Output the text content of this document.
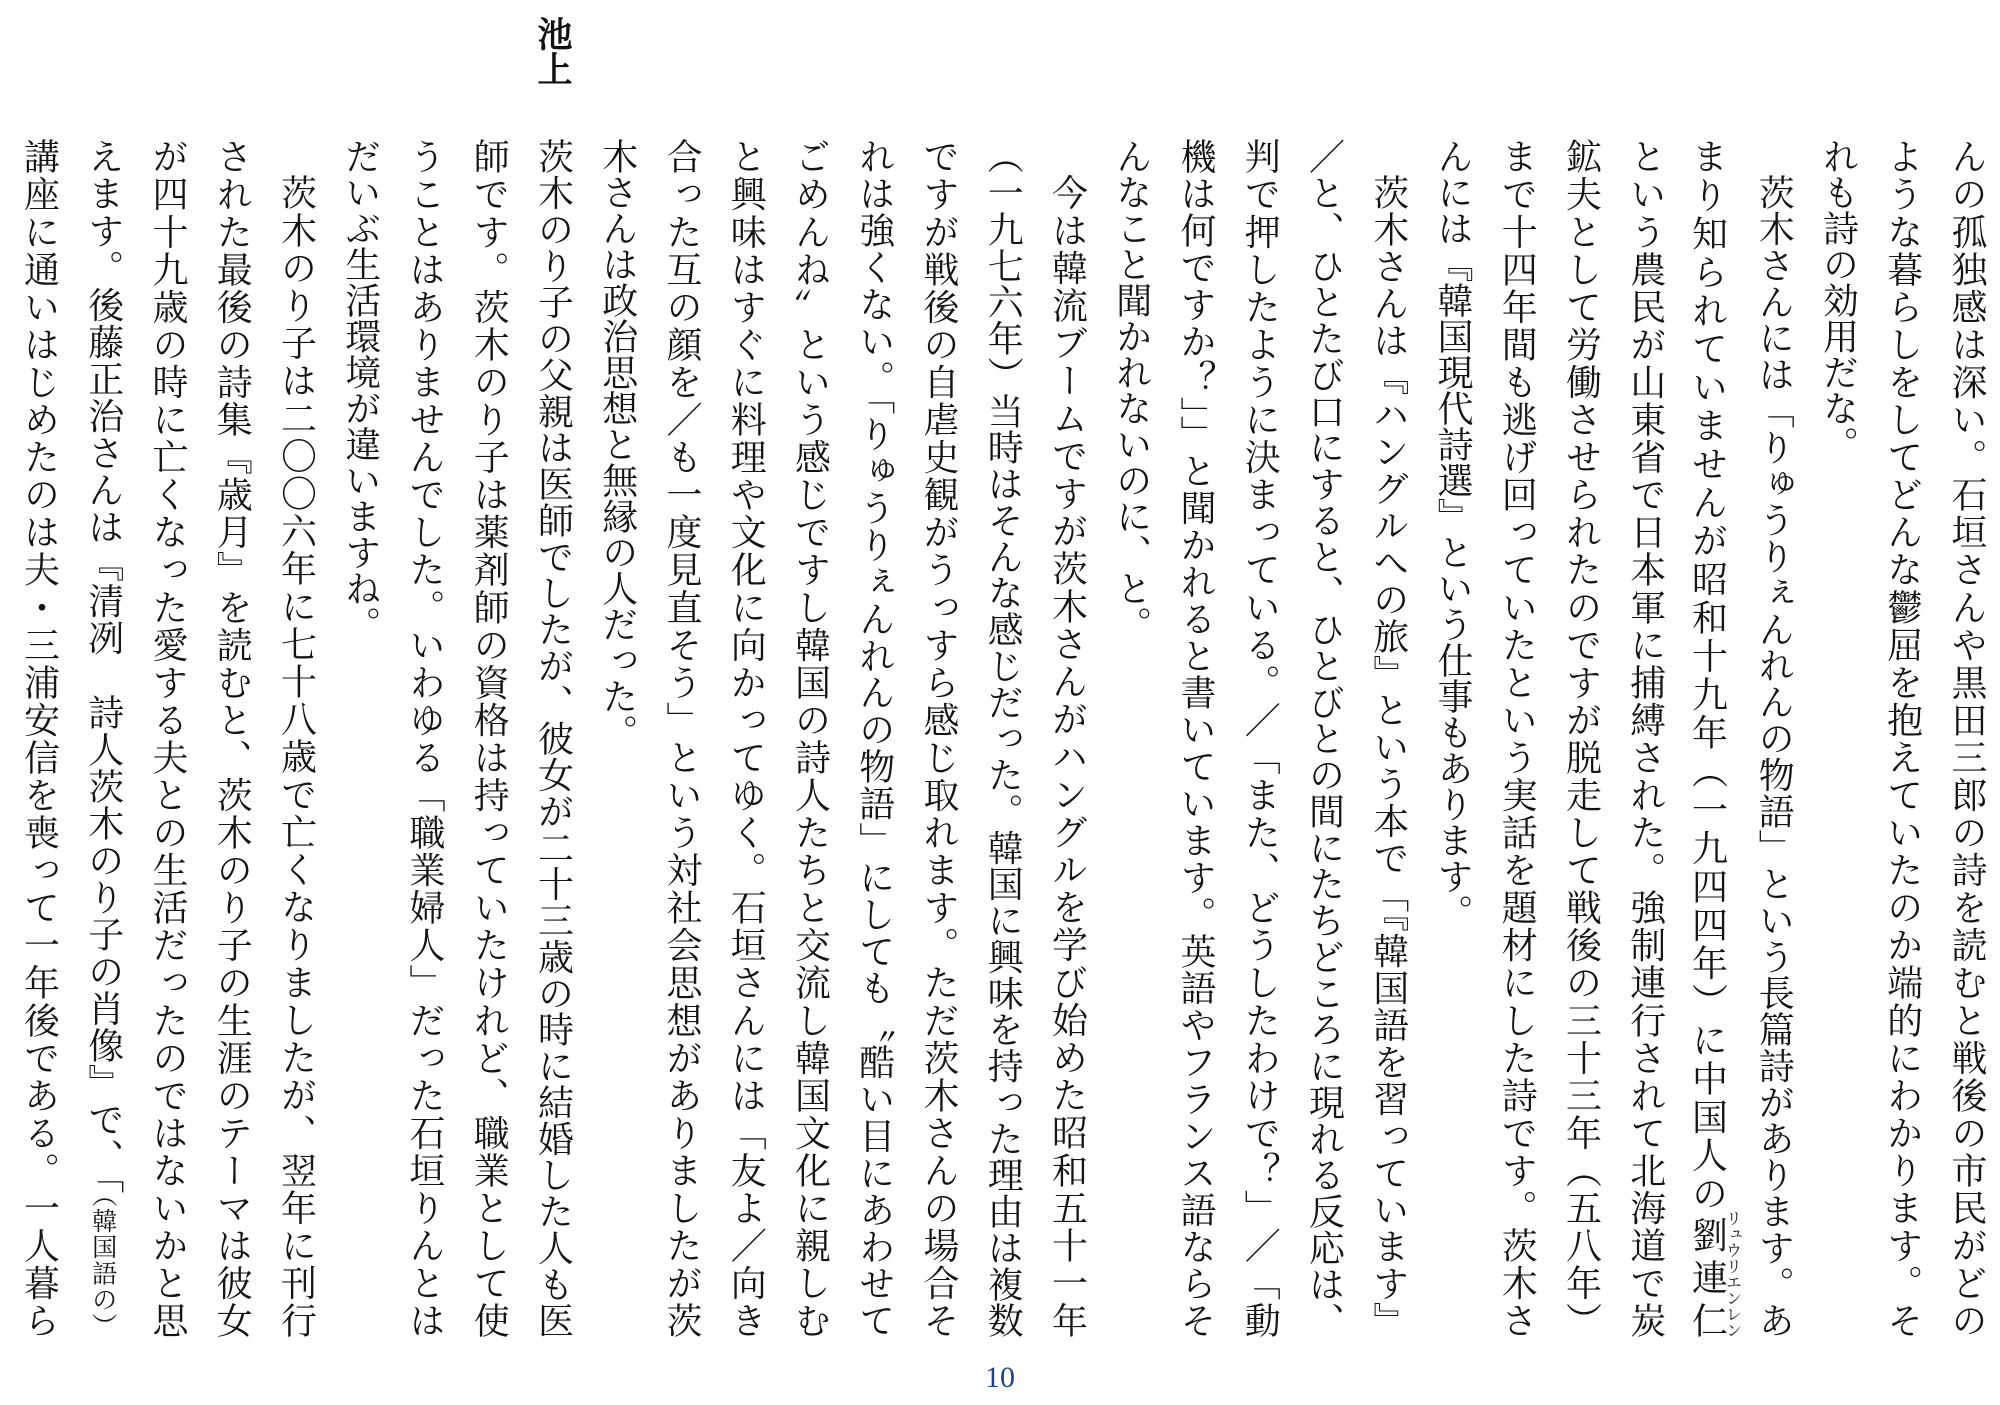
池上
んの孤独感は深い。石垣さんや黒田三郎の詩を読むと戦後の市民がどの
ような暮らしをしてどんな鬱屈を抱えていたのか端的にわかります。そ
れも詩の効用だな。
茨木さんには「りゅうりぇんれんの物語」という長篇詩があります。あ
まり知られていませんが昭和十九年（一九四四年）に中国人の劉連仁リュウリエンレン
という農民が山東省で日本軍に捕縛された。強制連行されて北海道で炭
鉱夫として労働させられたのですが脱走して戦後の三十三年（五八年）
まで十四年間も逃げ回っていたという実話を題材にした詩です。茨木さ
んには『韓国現代詩選』という仕事もあります。
茨木さんは『ハングルへの旅』という本で「『韓国語を習っています』
／と、ひとたび口にすると、ひとびとの間にたちどころに現れる反応は、
判で押したように決まっている。／「また、どうしたわけで？」／「動
機は何ですか？」」と聞かれると書いています。英語やフランス語ならそ
んなこと聞かれないのに、と。
今は韓流ブームですが茨木さんがハングルを学び始めた昭和五十一年
（一九七六年）当時はそんな感じだった。韓国に興味を持った理由は複数
ですが戦後の自虐史観がうっすら感じ取れます。ただ茨木さんの場合そ
れは強くない。「りゅうりぇんれんの物語」にしても〝酷い目にあわせて
ごめんね〟という感じですし韓国の詩人たちと交流し韓国文化に親しむ
と興味はすぐに料理や文化に向かってゆく。石垣さんには「友よ／向き
合った互の顔を／も一度見直そう」という対社会思想がありましたが茨
木さんは政治思想と無縁の人だった。
茨木のり子の父親は医師でしたが、彼女が二十三歳の時に結婚した人も医
師です。茨木のり子は薬剤師の資格は持っていたけれど、職業として使
うことはありませんでした。いわゆる「職業婦人」だった石垣りんとは
だいぶ生活環境が違いますね。
茨木のり子は二〇〇六年に七十八歳で亡くなりましたが、翌年に刊行
された最後の詩集『歳月』を読むと、茨木のり子の生涯のテーマは彼女
が四十九歳の時に亡くなった愛する夫との生活だったのではないかと思
えます。後藤正治さんは『清冽　詩人茨木のり子の肖像』で、「（韓国語の）
講座に通いはじめたのは夫・三浦安信を喪って一年後である。一人暮ら
10
